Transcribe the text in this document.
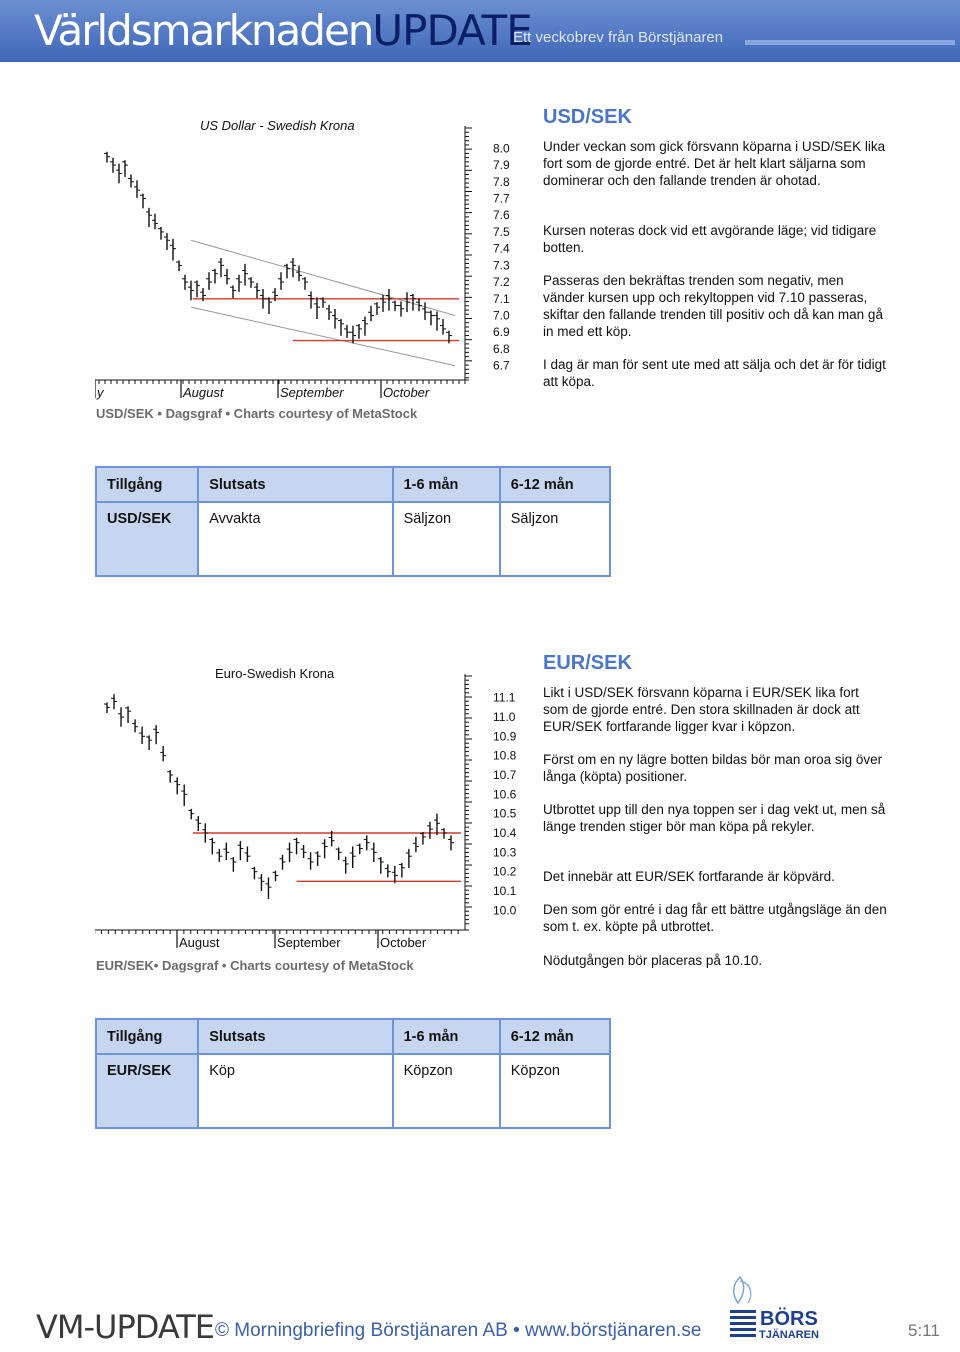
VärldsmarknadenUPDATE
Ett veckobrev från Börstjänaren
US Dollar - Swedish Krona
8.0
7.9
7.8
7.7
7.6
7.5
7.4
7.3
7.2
7.1
7.0
6.9
6.8
6.7
y	August	September	October
USD/SEK • Dagsgraf • Charts courtesy of MetaStock
USD/SEK

Under veckan som gick försvann köparna i USD/SEK lika fort som de gjorde entré. Det är helt klart säljarna som dominerar och den fallande trenden är ohotad.

Kursen noteras dock vid ett avgörande läge; vid tidigare botten.

Passeras den bekräftas trenden som negativ, men vänder kursen upp och rekyltoppen vid 7.10 passeras, skiftar den fallande trenden till positiv och då kan man gå in med ett köp.

I dag är man för sent ute med att sälja och det är för tidigt att köpa.

Tillgång	Slutsats	1-6 mån	6-12 mån
USD/SEK	Avvakta	Säljzon	Säljzon
Euro-Swedish Krona
11.1
11.0
10.9
10.8
10.7
10.6
10.5
10.4
10.3
10.2
10.1
10.0
August	September	October
EUR/SEK• Dagsgraf • Charts courtesy of MetaStock
EUR/SEK

Likt i USD/SEK försvann köparna i EUR/SEK lika fort som de gjorde entré. Den stora skillnaden är dock att EUR/SEK fortfarande ligger kvar i köpzon.

Först om en ny lägre botten bildas bör man oroa sig över långa (köpta) positioner.

Utbrottet upp till den nya toppen ser i dag vekt ut, men så länge trenden stiger bör man köpa på rekyler.

Det innebär att EUR/SEK fortfarande är köpvärd.

Den som gör entré i dag får ett bättre utgångsläge än den som t. ex. köpte på utbrottet.

Nödutgången bör placeras på 10.10.

Tillgång	Slutsats	1-6 mån	6-12 mån
EUR/SEK	Köp	Köpzon	Köpzon
VM-UPDATE © Morningbriefing Börstjänaren AB • www.börstjänaren.se
BÖRS
TJÄNAREN	5:11
